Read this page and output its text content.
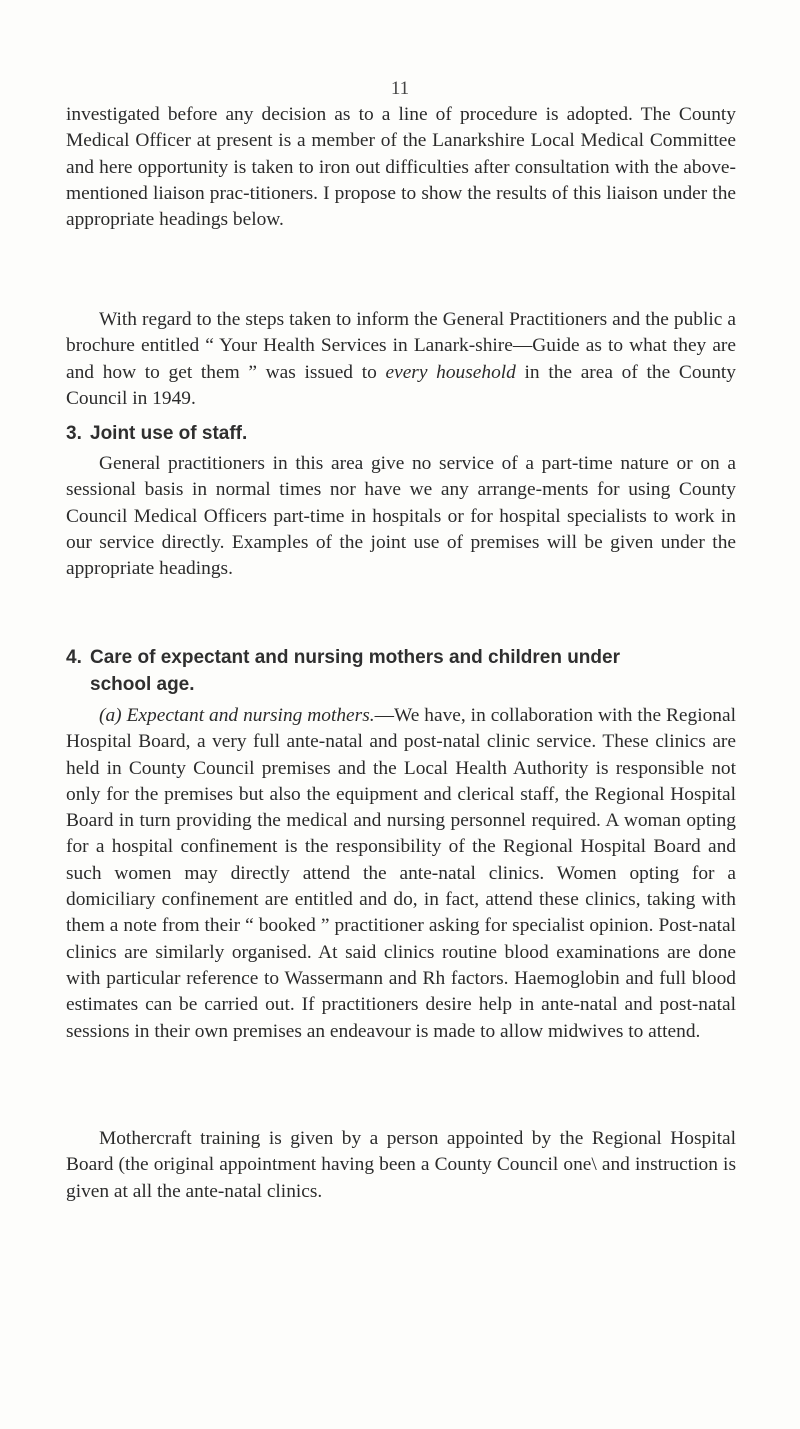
11

investigated before any decision as to a line of procedure is adopted. The County Medical Officer at present is a member of the Lanarkshire Local Medical Committee and here opportunity is taken to iron out difficulties after consultation with the above-mentioned liaison prac-titioners. I propose to show the results of this liaison under the appropriate headings below.

With regard to the steps taken to inform the General Practitioners and the public a brochure entitled “ Your Health Services in Lanark-shire—Guide as to what they are and how to get them ” was issued to every household in the area of the County Council in 1949.

3. Joint use of staff.

General practitioners in this area give no service of a part-time nature or on a sessional basis in normal times nor have we any arrange-ments for using County Council Medical Officers part-time in hospitals or for hospital specialists to work in our service directly. Examples of the joint use of premises will be given under the appropriate headings.

4. Care of expectant and nursing mothers and children under
school age.

(a) Expectant and nursing mothers.—We have, in collaboration with the Regional Hospital Board, a very full ante-natal and post-natal clinic service. These clinics are held in County Council premises and the Local Health Authority is responsible not only for the premises but also the equipment and clerical staff, the Regional Hospital Board in turn providing the medical and nursing personnel required. A woman opting for a hospital confinement is the responsibility of the Regional Hospital Board and such women may directly attend the ante-natal clinics. Women opting for a domiciliary confinement are entitled and do, in fact, attend these clinics, taking with them a note from their “ booked ” practitioner asking for specialist opinion. Post-natal clinics are similarly organised. At said clinics routine blood examinations are done with particular reference to Wassermann and Rh factors. Haemoglobin and full blood estimates can be carried out. If practitioners desire help in ante-natal and post-natal sessions in their own premises an endeavour is made to allow midwives to attend.

Mothercraft training is given by a person appointed by the Regional Hospital Board (the original appointment having been a County Council one\ and instruction is given at all the ante-natal clinics.
